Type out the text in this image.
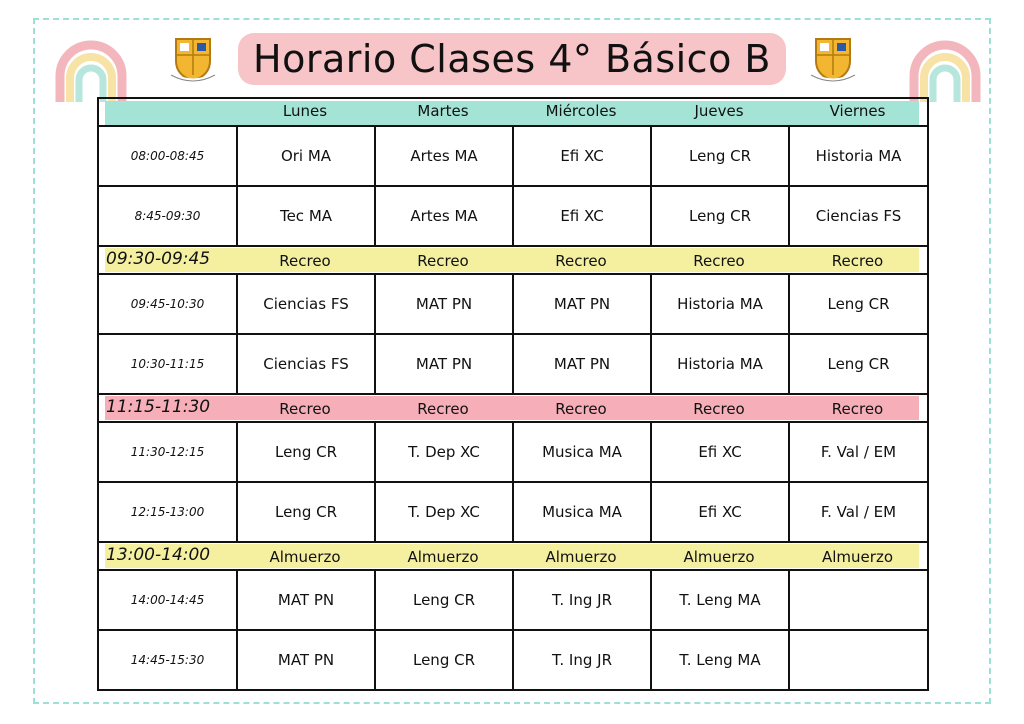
Horario Clases 4° Básico B
Lunes	Martes	Miércoles	Jueves	Viernes
08:00-08:45	Ori MA	Artes MA	Efi XC	Leng CR	Historia MA
8:45-09:30	Tec MA	Artes MA	Efi XC	Leng CR	Ciencias FS
09:30-09:45	Recreo	Recreo	Recreo	Recreo	Recreo
09:45-10:30	Ciencias FS	MAT PN	MAT PN	Historia MA	Leng CR
10:30-11:15	Ciencias FS	MAT PN	MAT PN	Historia MA	Leng CR
11:15-11:30	Recreo	Recreo	Recreo	Recreo	Recreo
11:30-12:15	Leng CR	T. Dep XC	Musica MA	Efi XC	F. Val / EM
12:15-13:00	Leng CR	T. Dep XC	Musica MA	Efi XC	F. Val / EM
13:00-14:00	Almuerzo	Almuerzo	Almuerzo	Almuerzo	Almuerzo
14:00-14:45	MAT PN	Leng CR	T. Ing JR	T. Leng MA
14:45-15:30	MAT PN	Leng CR	T. Ing JR	T. Leng MA
